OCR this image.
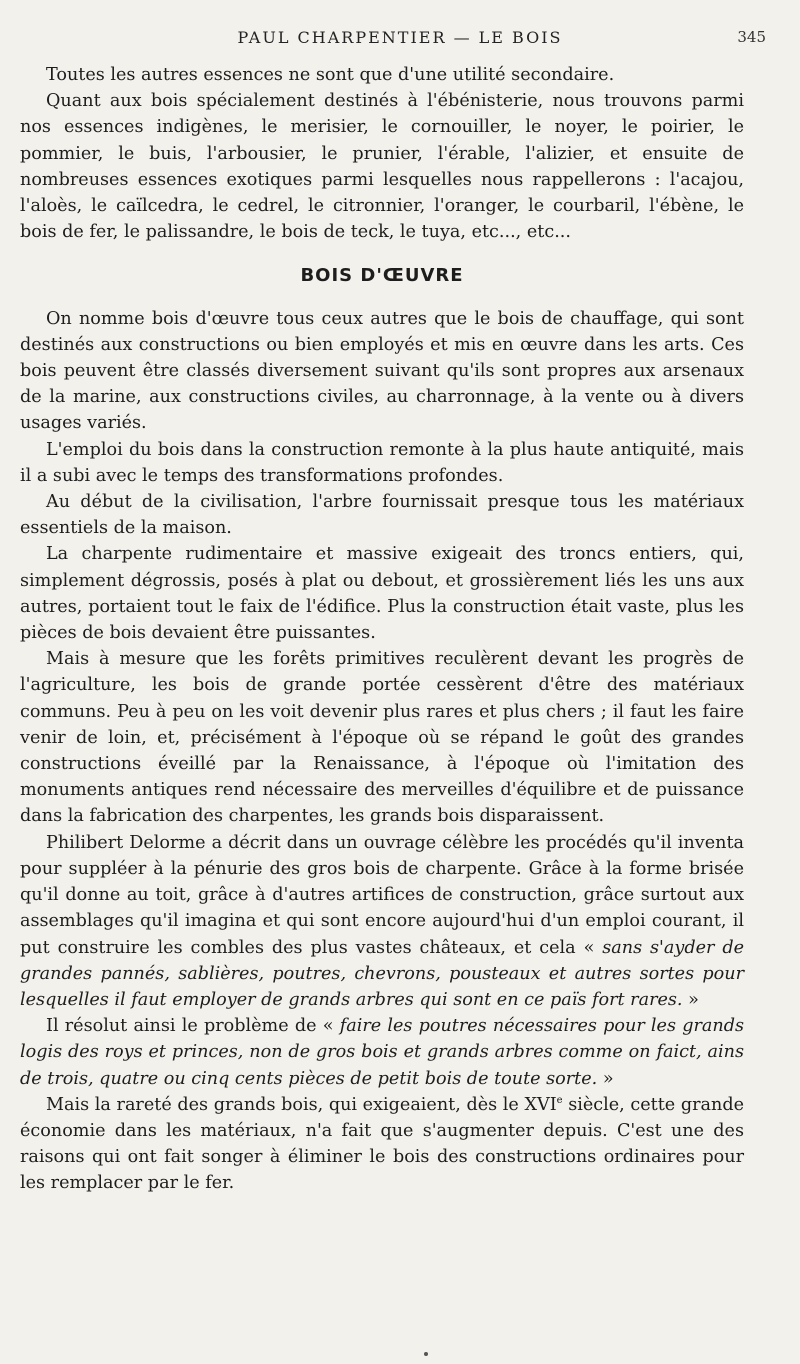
PAUL CHARPENTIER — LE BOIS	345

Toutes les autres essences ne sont que d'une utilité secondaire.

Quant aux bois spécialement destinés à l'ébénisterie, nous trouvons parmi nos essences indigènes, le merisier, le cornouiller, le noyer, le poirier, le pommier, le buis, l'arbousier, le prunier, l'érable, l'alizier, et ensuite de nombreuses essences exotiques parmi lesquelles nous rappellerons : l'acajou, l'aloès, le caïlcedra, le cedrel, le citronnier, l'oranger, le courbaril, l'ébène, le bois de fer, le palissandre, le bois de teck, le tuya, etc..., etc...

BOIS D'ŒUVRE

On nomme bois d'œuvre tous ceux autres que le bois de chauffage, qui sont destinés aux constructions ou bien employés et mis en œuvre dans les arts. Ces bois peuvent être classés diversement suivant qu'ils sont propres aux arsenaux de la marine, aux constructions civiles, au charronnage, à la vente ou à divers usages variés.

L'emploi du bois dans la construction remonte à la plus haute antiquité, mais il a subi avec le temps des transformations profondes.

Au début de la civilisation, l'arbre fournissait presque tous les matériaux essentiels de la maison.

La charpente rudimentaire et massive exigeait des troncs entiers, qui, simplement dégrossis, posés à plat ou debout, et grossièrement liés les uns aux autres, portaient tout le faix de l'édifice. Plus la construction était vaste, plus les pièces de bois devaient être puissantes.

Mais à mesure que les forêts primitives reculèrent devant les progrès de l'agriculture, les bois de grande portée cessèrent d'être des matériaux communs. Peu à peu on les voit devenir plus rares et plus chers ; il faut les faire venir de loin, et, précisément à l'époque où se répand le goût des grandes constructions éveillé par la Renaissance, à l'époque où l'imitation des monuments antiques rend nécessaire des merveilles d'équilibre et de puissance dans la fabrication des charpentes, les grands bois disparaissent.

Philibert Delorme a décrit dans un ouvrage célèbre les procédés qu'il inventa pour suppléer à la pénurie des gros bois de charpente. Grâce à la forme brisée qu'il donne au toit, grâce à d'autres artifices de construction, grâce surtout aux assemblages qu'il imagina et qui sont encore aujourd'hui d'un emploi courant, il put construire les combles des plus vastes châteaux, et cela « sans s'ayder de grandes pannés, sablières, poutres, chevrons, pousteaux et autres sortes pour lesquelles il faut employer de grands arbres qui sont en ce païs fort rares. »

Il résolut ainsi le problème de « faire les poutres nécessaires pour les grands logis des roys et princes, non de gros bois et grands arbres comme on faict, ains de trois, quatre ou cinq cents pièces de petit bois de toute sorte. »

Mais la rareté des grands bois, qui exigeaient, dès le XVIe siècle, cette grande économie dans les matériaux, n'a fait que s'augmenter depuis. C'est une des raisons qui ont fait songer à éliminer le bois des constructions ordinaires pour les remplacer par le fer.
